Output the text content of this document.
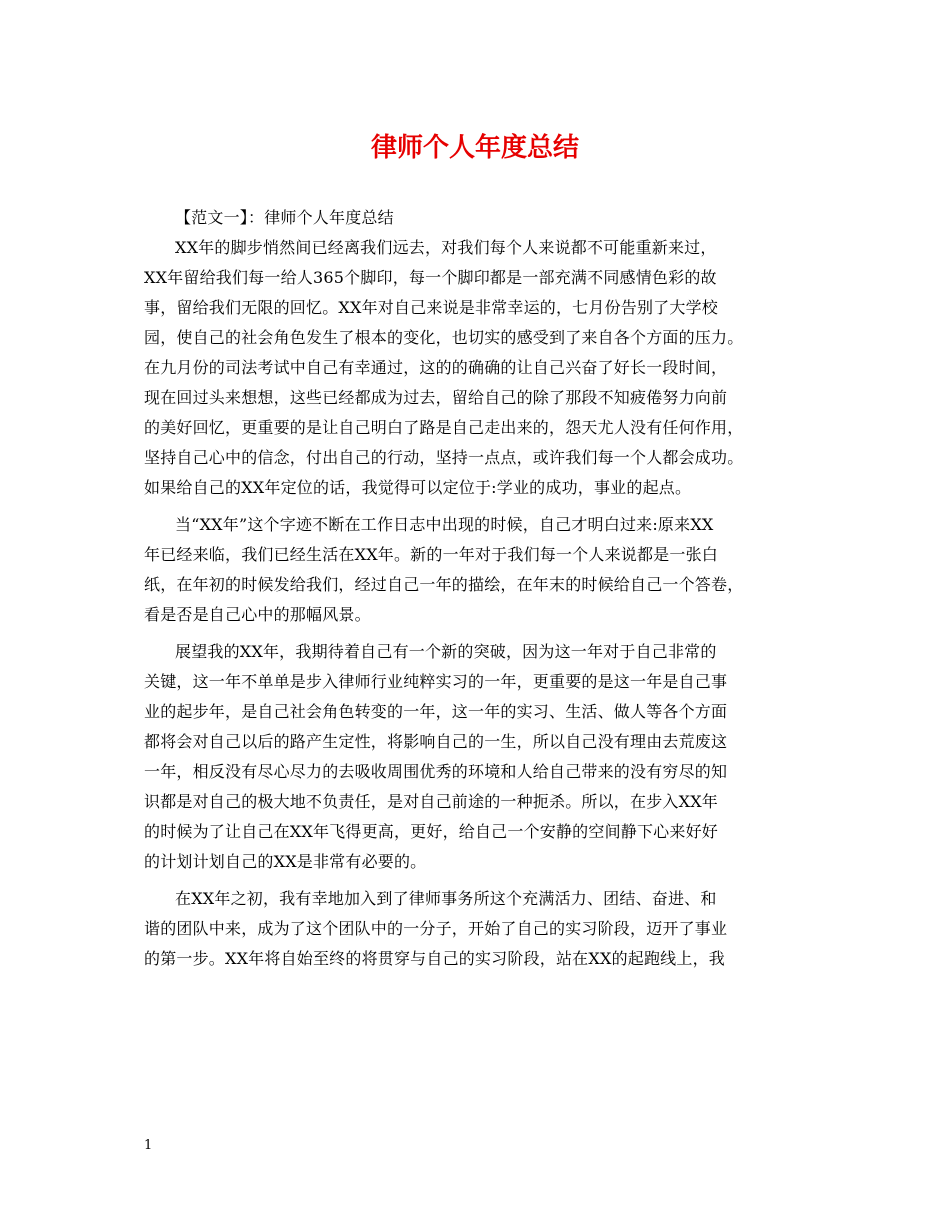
律师个人年度总结
【范文一】：律师个人年度总结
XX年的脚步悄然间已经离我们远去，对我们每个人来说都不可能重新来过，
XX年留给我们每一给人365个脚印，每一个脚印都是一部充满不同感情色彩的故
事，留给我们无限的回忆。XX年对自己来说是非常幸运的，七月份告别了大学校
园，使自己的社会角色发生了根本的变化，也切实的感受到了来自各个方面的压力。
在九月份的司法考试中自己有幸通过，这的的确确的让自己兴奋了好长一段时间，
现在回过头来想想，这些已经都成为过去，留给自己的除了那段不知疲倦努力向前
的美好回忆，更重要的是让自己明白了路是自己走出来的，怨天尤人没有任何作用，
坚持自己心中的信念，付出自己的行动，坚持一点点，或许我们每一个人都会成功。
如果给自己的XX年定位的话，我觉得可以定位于:学业的成功，事业的起点。
当“XX年”这个字迹不断在工作日志中出现的时候，自己才明白过来:原来XX
年已经来临，我们已经生活在XX年。新的一年对于我们每一个人来说都是一张白
纸，在年初的时候发给我们，经过自己一年的描绘，在年末的时候给自己一个答卷，
看是否是自己心中的那幅风景。
展望我的XX年，我期待着自己有一个新的突破，因为这一年对于自己非常的
关键，这一年不单单是步入律师行业纯粹实习的一年，更重要的是这一年是自己事
业的起步年，是自己社会角色转变的一年，这一年的实习、生活、做人等各个方面
都将会对自己以后的路产生定性，将影响自己的一生，所以自己没有理由去荒废这
一年，相反没有尽心尽力的去吸收周围优秀的环境和人给自己带来的没有穷尽的知
识都是对自己的极大地不负责任，是对自己前途的一种扼杀。所以，在步入XX年
的时候为了让自己在XX年飞得更高，更好，给自己一个安静的空间静下心来好好
的计划计划自己的XX是非常有必要的。
在XX年之初，我有幸地加入到了律师事务所这个充满活力、团结、奋进、和
谐的团队中来，成为了这个团队中的一分子，开始了自己的实习阶段，迈开了事业
的第一步。XX年将自始至终的将贯穿与自己的实习阶段，站在XX的起跑线上，我
1
